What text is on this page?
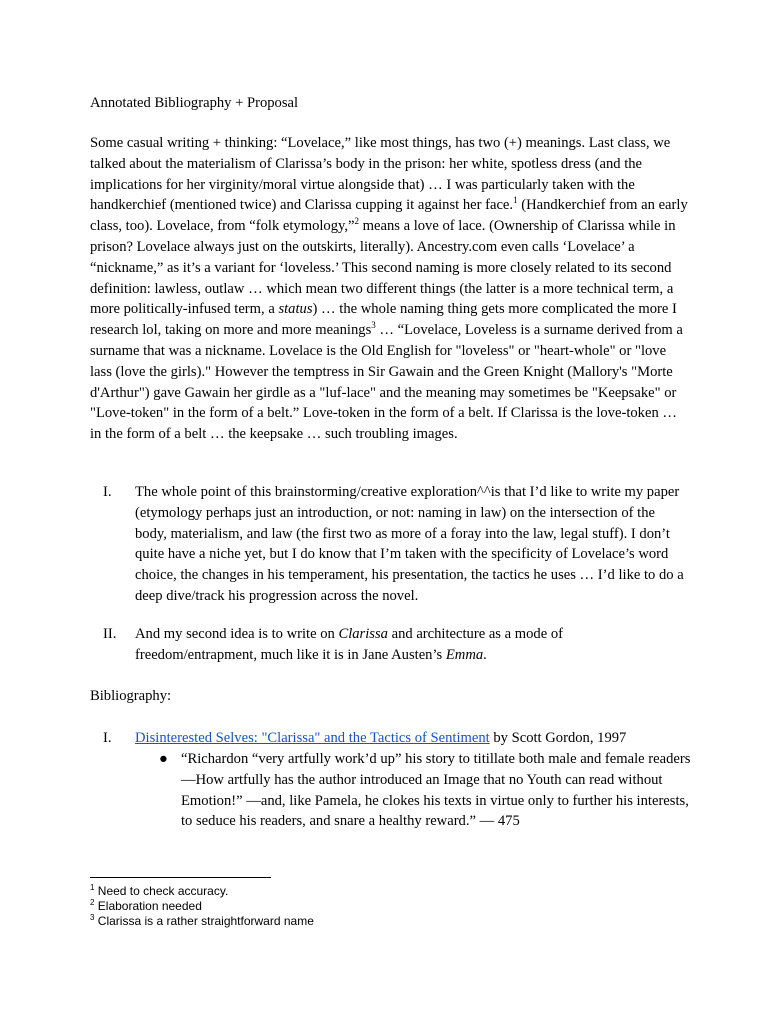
Annotated Bibliography + Proposal
Some casual writing + thinking: “Lovelace,” like most things, has two (+) meanings. Last class, we talked about the materialism of Clarissa’s body in the prison: her white, spotless dress (and the implications for her virginity/moral virtue alongside that) … I was particularly taken with the handkerchief (mentioned twice) and Clarissa cupping it against her face.$^1$ (Handkerchief from an early class, too). Lovelace, from “folk etymology,”$^2$ means a love of lace. (Ownership of Clarissa while in prison? Lovelace always just on the outskirts, literally). Ancestry.com even calls ‘Lovelace’ a “nickname,” as it’s a variant for ‘loveless.’ This second naming is more closely related to its second definition: lawless, outlaw … which mean two different things (the latter is a more technical term, a more politically-infused term, a status) … the whole naming thing gets more complicated the more I research lol, taking on more and more meanings$^3$ … “Lovelace, Loveless is a surname derived from a surname that was a nickname. Lovelace is the Old English for "loveless" or "heart-whole" or "love lass (love the girls)." However the temptress in Sir Gawain and the Green Knight (Mallory's "Morte d'Arthur") gave Gawain her girdle as a "luf-lace" and the meaning may sometimes be "Keepsake" or "Love-token" in the form of a belt.” Love-token in the form of a belt. If Clarissa is the love-token … in the form of a belt … the keepsake … such troubling images.
I. The whole point of this brainstorming/creative exploration^^is that I’d like to write my paper (etymology perhaps just an introduction, or not: naming in law) on the intersection of the body, materialism, and law (the first two as more of a foray into the law, legal stuff). I don’t quite have a niche yet, but I do know that I’m taken with the specificity of Lovelace’s word choice, the changes in his temperament, his presentation, the tactics he uses … I’d like to do a deep dive/track his progression across the novel.
II. And my second idea is to write on Clarissa and architecture as a mode of freedom/entrapment, much like it is in Jane Austen’s Emma.
Bibliography:
I. Disinterested Selves: "Clarissa" and the Tactics of Sentiment by Scott Gordon, 1997
● “Richardon “very artfully work’d up” his story to titillate both male and female readers—How artfully has the author introduced an Image that no Youth can read without Emotion!” —and, like Pamela, he clokes his texts in virtue only to further his interests, to seduce his readers, and snare a healthy reward.” — 475
$^1$ Need to check accuracy.
$^2$ Elaboration needed
$^3$ Clarissa is a rather straightforward name
